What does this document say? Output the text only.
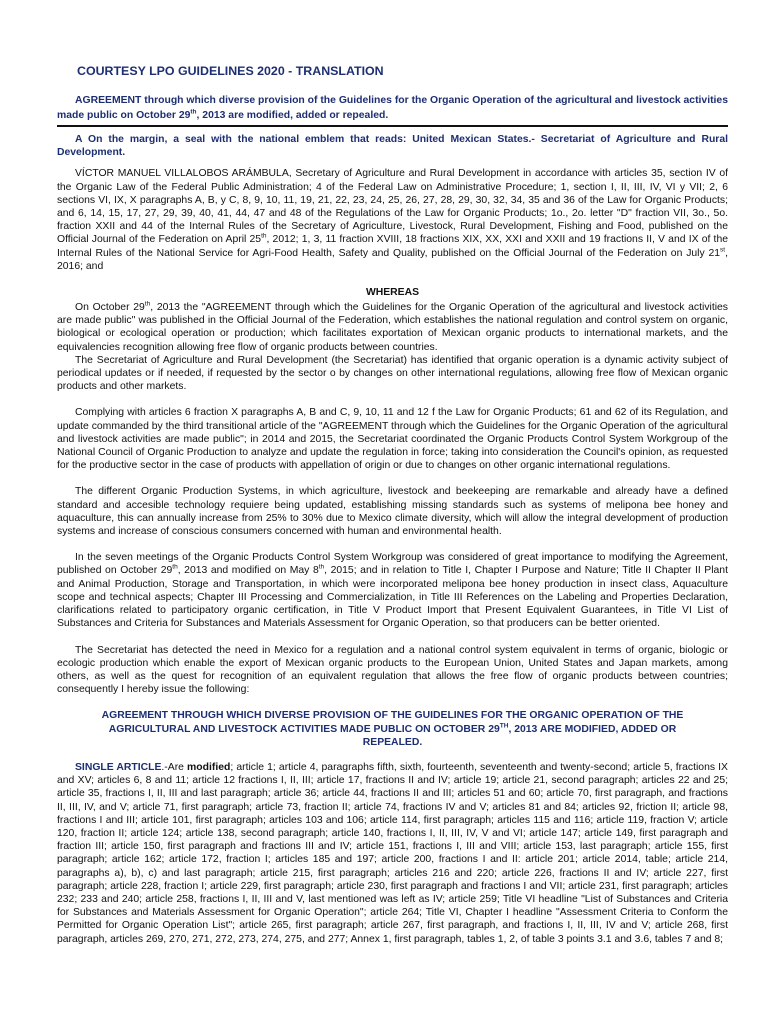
COURTESY LPO GUIDELINES 2020 - TRANSLATION

AGREEMENT through which diverse provision of the Guidelines for the Organic Operation of the agricultural and livestock activities made public on October 29th, 2013 are modified, added or repealed.

A On the margin, a seal with the national emblem that reads: United Mexican States.- Secretariat of Agriculture and Rural Development.

VÍCTOR MANUEL VILLALOBOS ARÁMBULA, Secretary of Agriculture and Rural Development in accordance with articles 35, section IV of the Organic Law of the Federal Public Administration; 4 of the Federal Law on Administrative Procedure; 1, section I, II, III, IV, VI y VII; 2, 6 sections VI, IX, X paragraphs A, B, y C, 8, 9, 10, 11, 19, 21, 22, 23, 24, 25, 26, 27, 28, 29, 30, 32, 34, 35 and 36 of the Law for Organic Products; and 6, 14, 15, 17, 27, 29, 39, 40, 41, 44, 47 and 48 of the Regulations of the Law for Organic Products; 1o., 2o. letter "D" fraction VII, 3o., 5o. fraction XXII and 44 of the Internal Rules of the Secretary of Agriculture, Livestock, Rural Development, Fishing and Food, published on the Official Journal of the Federation on April 25th, 2012; 1, 3, 11 fraction XVIII, 18 fractions XIX, XX, XXI and XXII and 19 fractions II, V and IX of the Internal Rules of the National Service for Agri-Food Health, Safety and Quality, published on the Official Journal of the Federation on July 21st, 2016; and

WHEREAS

On October 29th, 2013 the "AGREEMENT through which the Guidelines for the Organic Operation of the agricultural and livestock activities are made public" was published in the Official Journal of the Federation, which establishes the national regulation and control system on organic, biological or ecological operation or production; which facilitates exportation of Mexican organic products to international markets, and the equivalencies recognition allowing free flow of organic products between countries.

The Secretariat of Agriculture and Rural Development (the Secretariat) has identified that organic operation is a dynamic activity subject of periodical updates or if needed, if requested by the sector o by changes on other international regulations, allowing free flow of Mexican organic products and other markets.

Complying with articles 6 fraction X paragraphs A, B and C, 9, 10, 11 and 12 f the Law for Organic Products; 61 and 62 of its Regulation, and update commanded by the third transitional article of the "AGREEMENT through which the Guidelines for the Organic Operation of the agricultural and livestock activities are made public"; in 2014 and 2015, the Secretariat coordinated the Organic Products Control System Workgroup of the National Council of Organic Production to analyze and update the regulation in force; taking into consideration the Council's opinion, as requested for the productive sector in the case of products with appellation of origin or due to changes on other organic international regulations.

The different Organic Production Systems, in which agriculture, livestock and beekeeping are remarkable and already have a defined standard and accesible technology requiere being updated, establishing missing standards such as systems of melipona bee honey and aquaculture, this can annually increase from 25% to 30% due to Mexico climate diversity, which will allow the integral development of production systems and increase of conscious consumers concerned with human and environmental health.

In the seven meetings of the Organic Products Control System Workgroup was considered of great importance to modifying the Agreement, published on October 29th, 2013 and modified on May 8th, 2015; and in relation to Title I, Chapter I Purpose and Nature; Title II Chapter II Plant and Animal Production, Storage and Transportation, in which were incorporated melipona bee honey production in insect class, Aquaculture scope and technical aspects; Chapter III Processing and Commercialization, in Title III References on the Labeling and Properties Declaration, clarifications related to participatory organic certification, in Title V Product Import that Present Equivalent Guarantees, in Title VI List of Substances and Criteria for Substances and Materials Assessment for Organic Operation, so that producers can be better oriented.

The Secretariat has detected the need in Mexico for a regulation and a national control system equivalent in terms of organic, biologic or ecologic production which enable the export of Mexican organic products to the European Union, United States and Japan markets, among others, as well as the quest for recognition of an equivalent regulation that allows the free flow of organic products between countries; consequently I hereby issue the following:

AGREEMENT THROUGH WHICH DIVERSE PROVISION OF THE GUIDELINES FOR THE ORGANIC OPERATION OF THE AGRICULTURAL AND LIVESTOCK ACTIVITIES MADE PUBLIC ON OCTOBER 29TH, 2013 ARE MODIFIED, ADDED OR REPEALED.

SINGLE ARTICLE.-Are modified; article 1; article 4, paragraphs fifth, sixth, fourteenth, seventeenth and twenty-second; article 5, fractions IX and XV; articles 6, 8 and 11; article 12 fractions I, II, III; article 17, fractions II and IV; article 19; article 21, second paragraph; articles 22 and 25; article 35, fractions I, II, III and last paragraph; article 36; article 44, fractions II and III; articles 51 and 60; article 70, first paragraph, and fractions II, III, IV, and V; article 71, first paragraph; article 73, fraction II; article 74, fractions IV and V; articles 81 and 84; articles 92, friction II; article 98, fractions I and III; article 101, first paragraph; articles 103 and 106; article 114, first paragraph; articles 115 and 116; article 119, fraction V; article 120, fraction II; article 124; article 138, second paragraph; article 140, fractions I, II, III, IV, V and VI; article 147; article 149, first paragraph and fraction III; article 150, first paragraph and fractions III and IV; article 151, fractions I, III and VIII; article 153, last paragraph; article 155, first paragraph; article 162; article 172, fraction I; articles 185 and 197; article 200, fractions I and II: article 201; article 2014, table; article 214, paragraphs a), b), c) and last paragraph; article 215, first paragraph; articles 216 and 220; article 226, fractions II and IV; article 227, first paragraph; article 228, fraction I; article 229, first paragraph; article 230, first paragraph and fractions I and VII; article 231, first paragraph; articles 232; 233 and 240; article 258, fractions I, II, III and V, last mentioned was left as IV; article 259; Title VI headline "List of Substances and Criteria for Substances and Materials Assessment for Organic Operation"; article 264; Title VI, Chapter I headline "Assessment Criteria to Conform the Permitted for Organic Operation List"; article 265, first paragraph; article 267, first paragraph, and fractions I, II, III, IV and V; article 268, first paragraph, articles 269, 270, 271, 272, 273, 274, 275, and 277; Annex 1, first paragraph, tables 1, 2, of table 3 points 3.1 and 3.6, tables 7 and 8;
